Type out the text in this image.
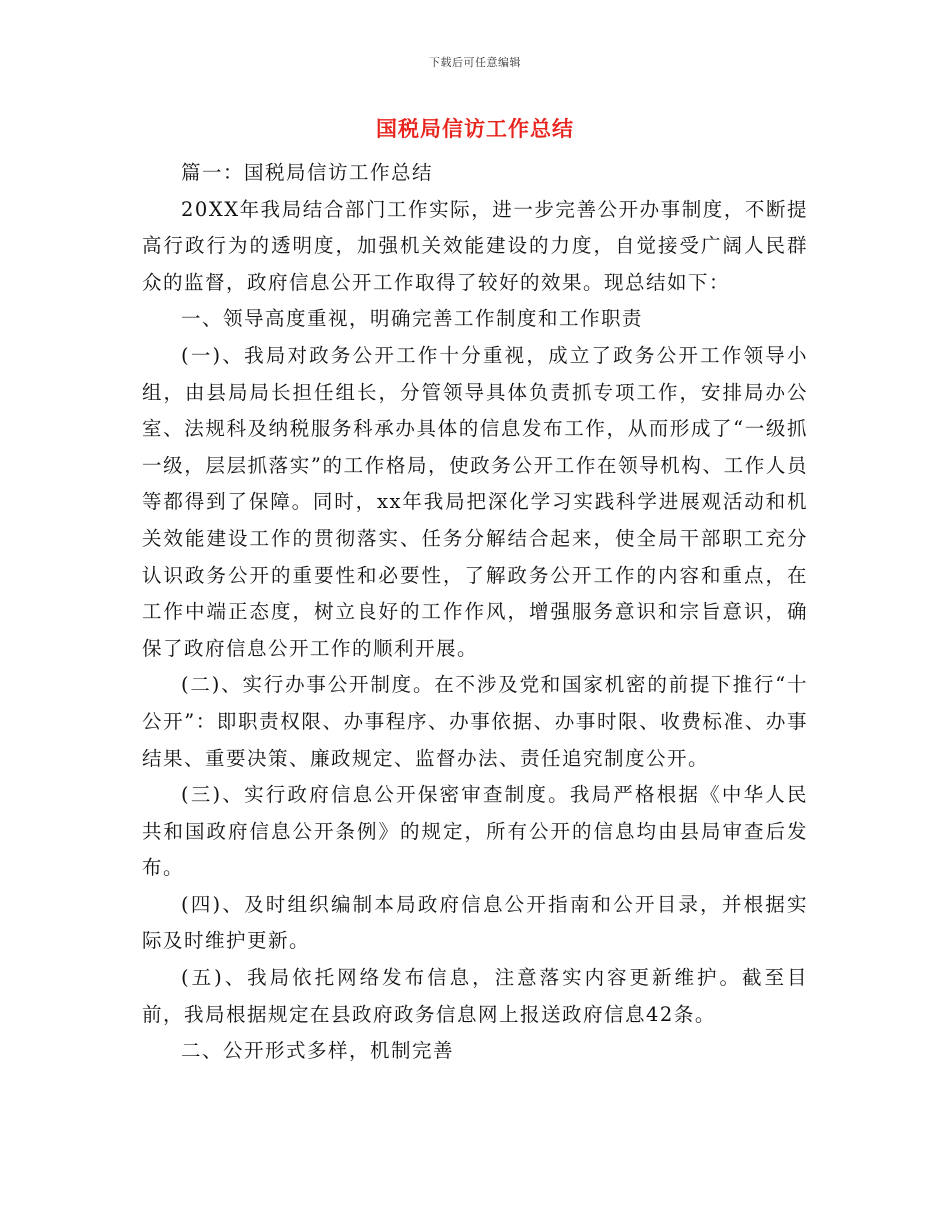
下载后可任意编辑
国税局信访工作总结

篇一：国税局信访工作总结

20XX年我局结合部门工作实际，进一步完善公开办事制度，不断提高行政行为的透明度，加强机关效能建设的力度，自觉接受广阔人民群众的监督，政府信息公开工作取得了较好的效果。现总结如下：

一、领导高度重视，明确完善工作制度和工作职责

(一)、我局对政务公开工作十分重视，成立了政务公开工作领导小组，由县局局长担任组长，分管领导具体负责抓专项工作，安排局办公室、法规科及纳税服务科承办具体的信息发布工作，从而形成了“一级抓一级，层层抓落实”的工作格局，使政务公开工作在领导机构、工作人员等都得到了保障。同时，xx年我局把深化学习实践科学进展观活动和机关效能建设工作的贯彻落实、任务分解结合起来，使全局干部职工充分认识政务公开的重要性和必要性，了解政务公开工作的内容和重点，在工作中端正态度，树立良好的工作作风，增强服务意识和宗旨意识，确保了政府信息公开工作的顺利开展。

(二)、实行办事公开制度。在不涉及党和国家机密的前提下推行“十公开”：即职责权限、办事程序、办事依据、办事时限、收费标准、办事结果、重要决策、廉政规定、监督办法、责任追究制度公开。

(三)、实行政府信息公开保密审查制度。我局严格根据《中华人民共和国政府信息公开条例》的规定，所有公开的信息均由县局审查后发布。

(四)、及时组织编制本局政府信息公开指南和公开目录，并根据实际及时维护更新。

(五)、我局依托网络发布信息，注意落实内容更新维护。截至目前，我局根据规定在县政府政务信息网上报送政府信息42条。

二、公开形式多样，机制完善
